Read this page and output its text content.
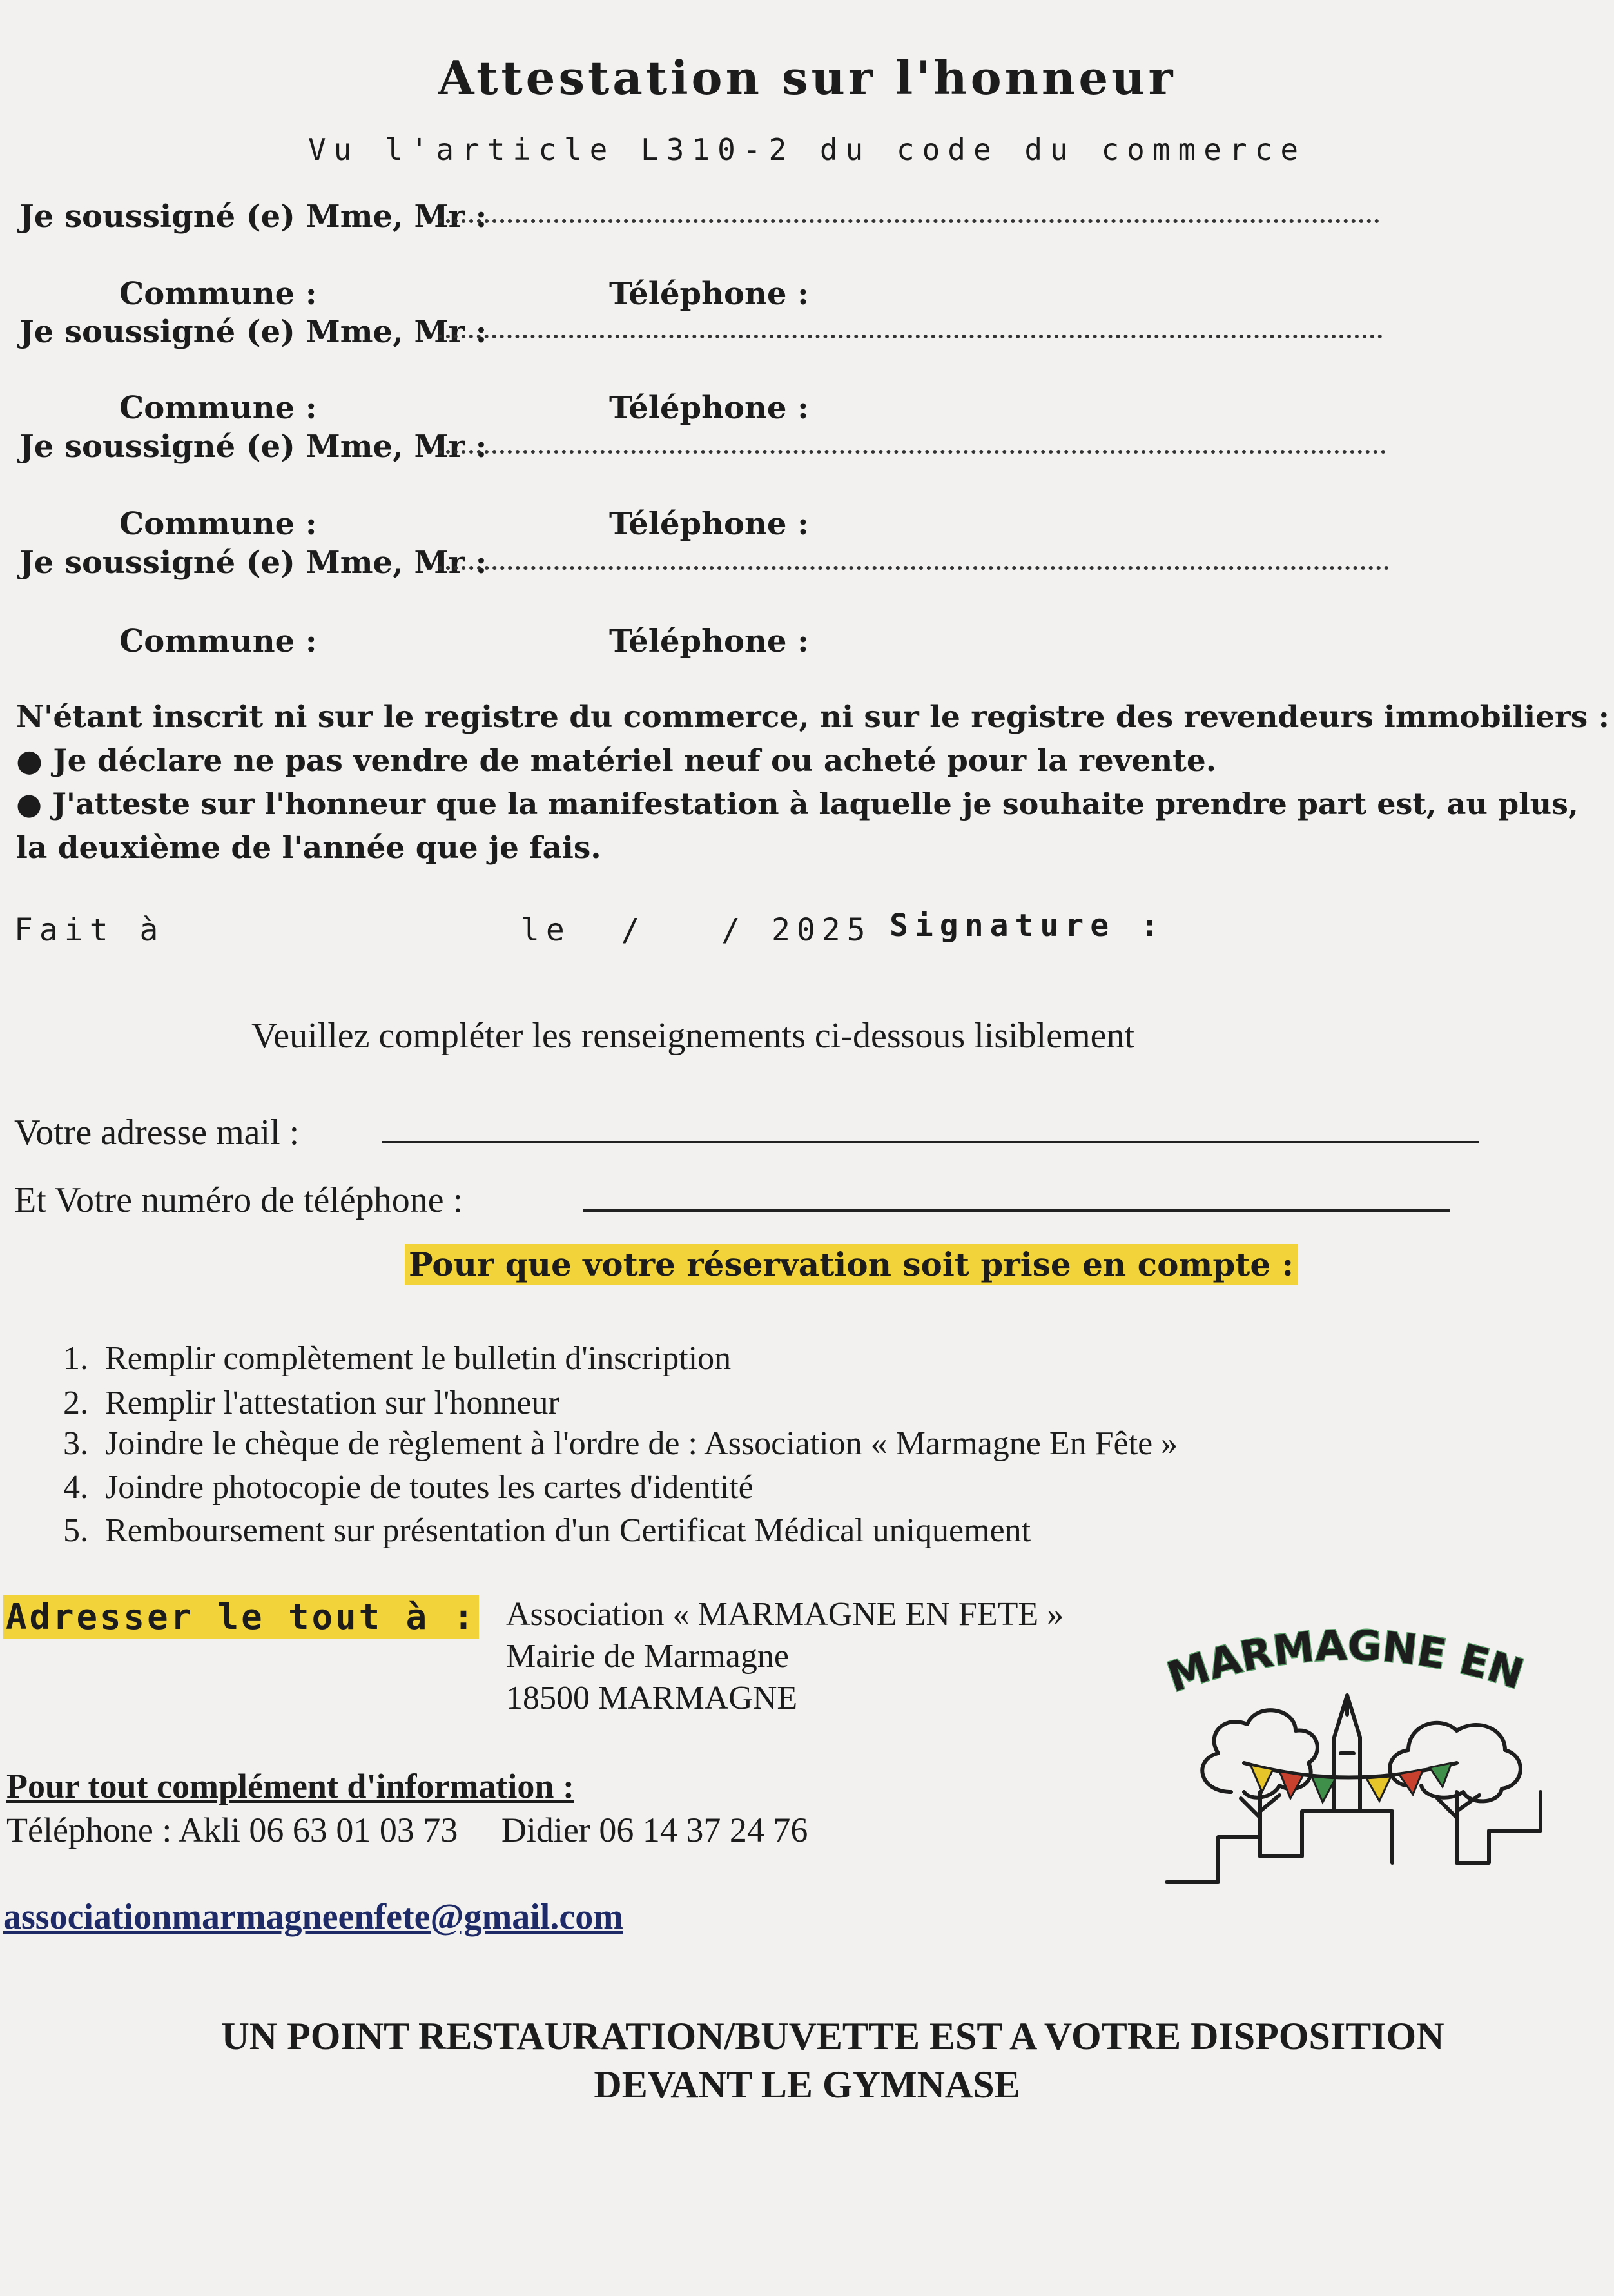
Attestation sur l'honneur
Vu l'article L310-2 du code du commerce
Je soussigné (e) Mme, Mr :
Commune :	Téléphone :
Je soussigné (e) Mme, Mr :
Commune :	Téléphone :
Je soussigné (e) Mme, Mr :
Commune :	Téléphone :
Je soussigné (e) Mme, Mr :
Commune :	Téléphone :
N'étant inscrit ni sur le registre du commerce, ni sur le registre des revendeurs immobiliers :
● Je déclare ne pas vendre de matériel neuf ou acheté pour la revente.
● J'atteste sur l'honneur que la manifestation à laquelle je souhaite prendre part est, au plus,
la deuxième de l'année que je fais.
Fait à	le  /   / 2025 Signature :
Veuillez compléter les renseignements ci-dessous lisiblement
Votre adresse mail :
Et Votre numéro de téléphone :
Pour que votre réservation soit prise en compte :
1.  Remplir complètement le bulletin d'inscription
2.  Remplir l'attestation sur l'honneur
3.  Joindre le chèque de règlement à l'ordre de : Association « Marmagne En Fête »
4.  Joindre photocopie de toutes les cartes d'identité
5.  Remboursement sur présentation d'un Certificat Médical uniquement
Adresser le tout à : Association « MARMAGNE EN FETE »
Mairie de Marmagne
18500 MARMAGNE
Pour tout complément d'information :
Téléphone : Akli 06 63 01 03 73     Didier 06 14 37 24 76
associationmarmagneenfete@gmail.com
MARMAGNE EN
UN POINT RESTAURATION/BUVETTE EST A VOTRE DISPOSITION
DEVANT LE GYMNASE
